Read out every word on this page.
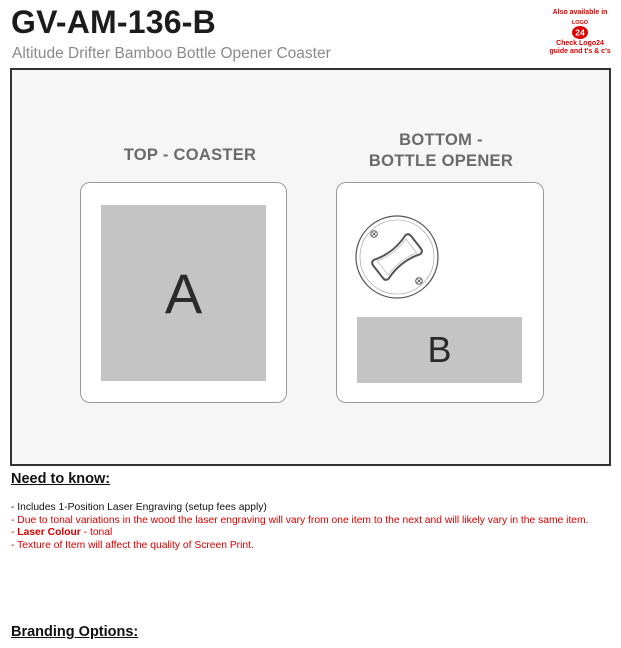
GV-AM-136-B
Altitude Drifter Bamboo Bottle Opener Coaster
Also available in
LOGO
24
Check Logo24
guide and t's & c's
TOP - COASTER
BOTTOM -
BOTTLE OPENER
A
B
Need to know:
- Includes 1-Position Laser Engraving (setup fees apply)
- Due to tonal variations in the wood the laser engraving will vary from one item to the next and will likely vary in the same item.
- Laser Colour - tonal
- Texture of Item will affect the quality of Screen Print.
Branding Options:
